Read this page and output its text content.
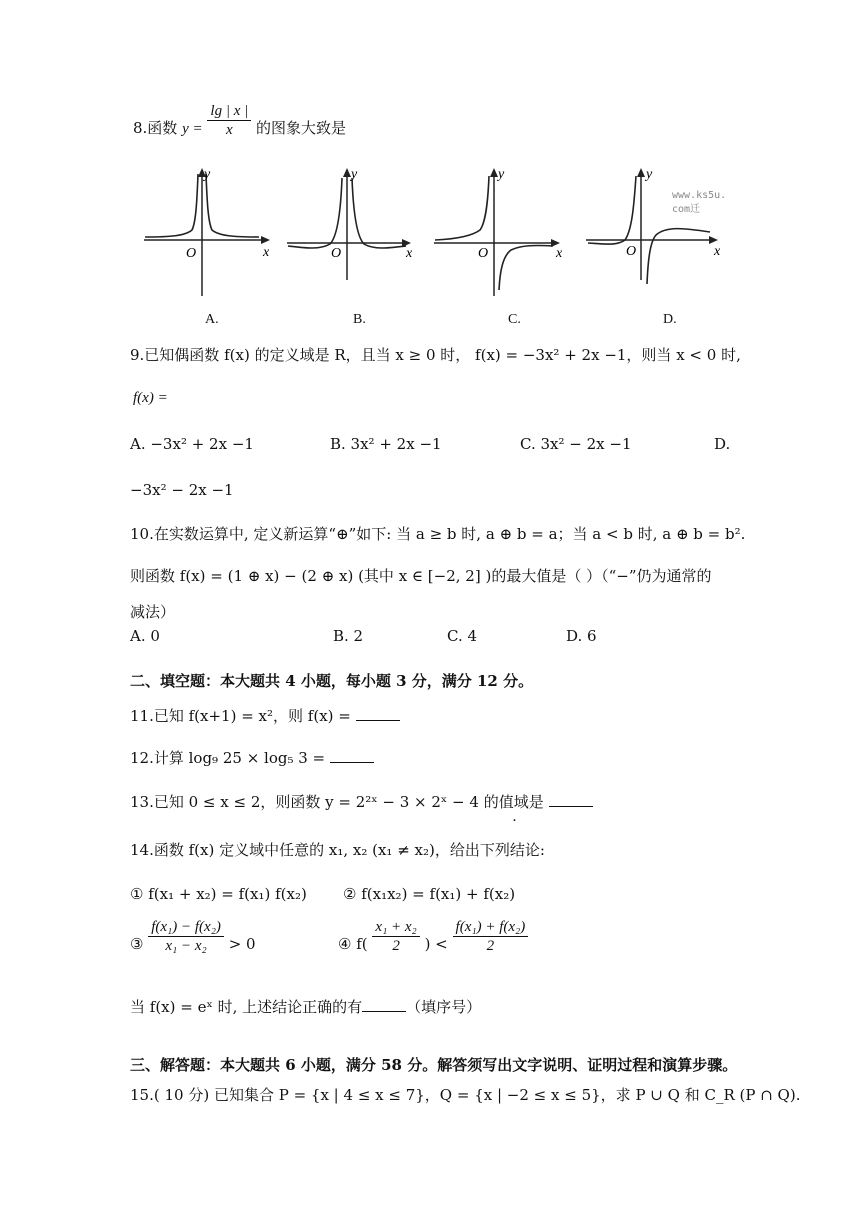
8.函数 $y = \frac{\lg | x |}{x}$ 的图象大致是
y
x
O
y
x
O
y
x
O
y
x
O
www.ks5u.
com迁
A.	B.	C.	D.
9.已知偶函数 f(x) 的定义域是 R，且当 x ≥ 0 时， f(x) = −3x² + 2x −1，则当 x < 0 时,
f(x) =
A. −3x² + 2x −1	B. 3x² + 2x −1	C. 3x² − 2x −1	D.
−3x² − 2x −1
10.在实数运算中, 定义新运算“⊕”如下: 当 a ≥ b 时, a ⊕ b = a；当 a < b 时, a ⊕ b = b².
则函数 f(x) = (1 ⊕ x) − (2 ⊕ x) (其中 x ∈ [−2, 2] )的最大值是（ ）（“−”仍为通常的
减法）
A. 0	B. 2	C. 4	D. 6
二、填空题：本大题共 4 小题，每小题 3 分，满分 12 分。
11.已知 f(x+1) = x²，则 f(x) =
12.计算 log₉ 25 × log₅ 3 =
13.已知 0 ≤ x ≤ 2，则函数 y = 2²ˣ − 3 × 2ˣ − 4 的值域是
14.函数 f(x) 定义域中任意的 x₁, x₂ (x₁ ≠ x₂)，给出下列结论:
① f(x₁ + x₂) = f(x₁) f(x₂) ② f(x₁x₂) = f(x₁) + f(x₂)
③ $\frac{\text{f(x₁) − f(x₂)}}{\text{x₁ − x₂}} > 0$	④ $f( \frac{\text{x₁ + x₂}}{2}$ ) < $\frac{\text{f(x₁) + f(x₂)}}{2}$
当 f(x) = eˣ 时, 上述结论正确的有	（填序号）
三、解答题：本大题共 6 小题，满分 58 分。解答须写出文字说明、证明过程和演算步骤。
15.( 10 分) 已知集合 P = {x | 4 ≤ x ≤ 7}，Q = {x | −2 ≤ x ≤ 5}，求 P ∪ Q 和 C_R (P ∩ Q).
